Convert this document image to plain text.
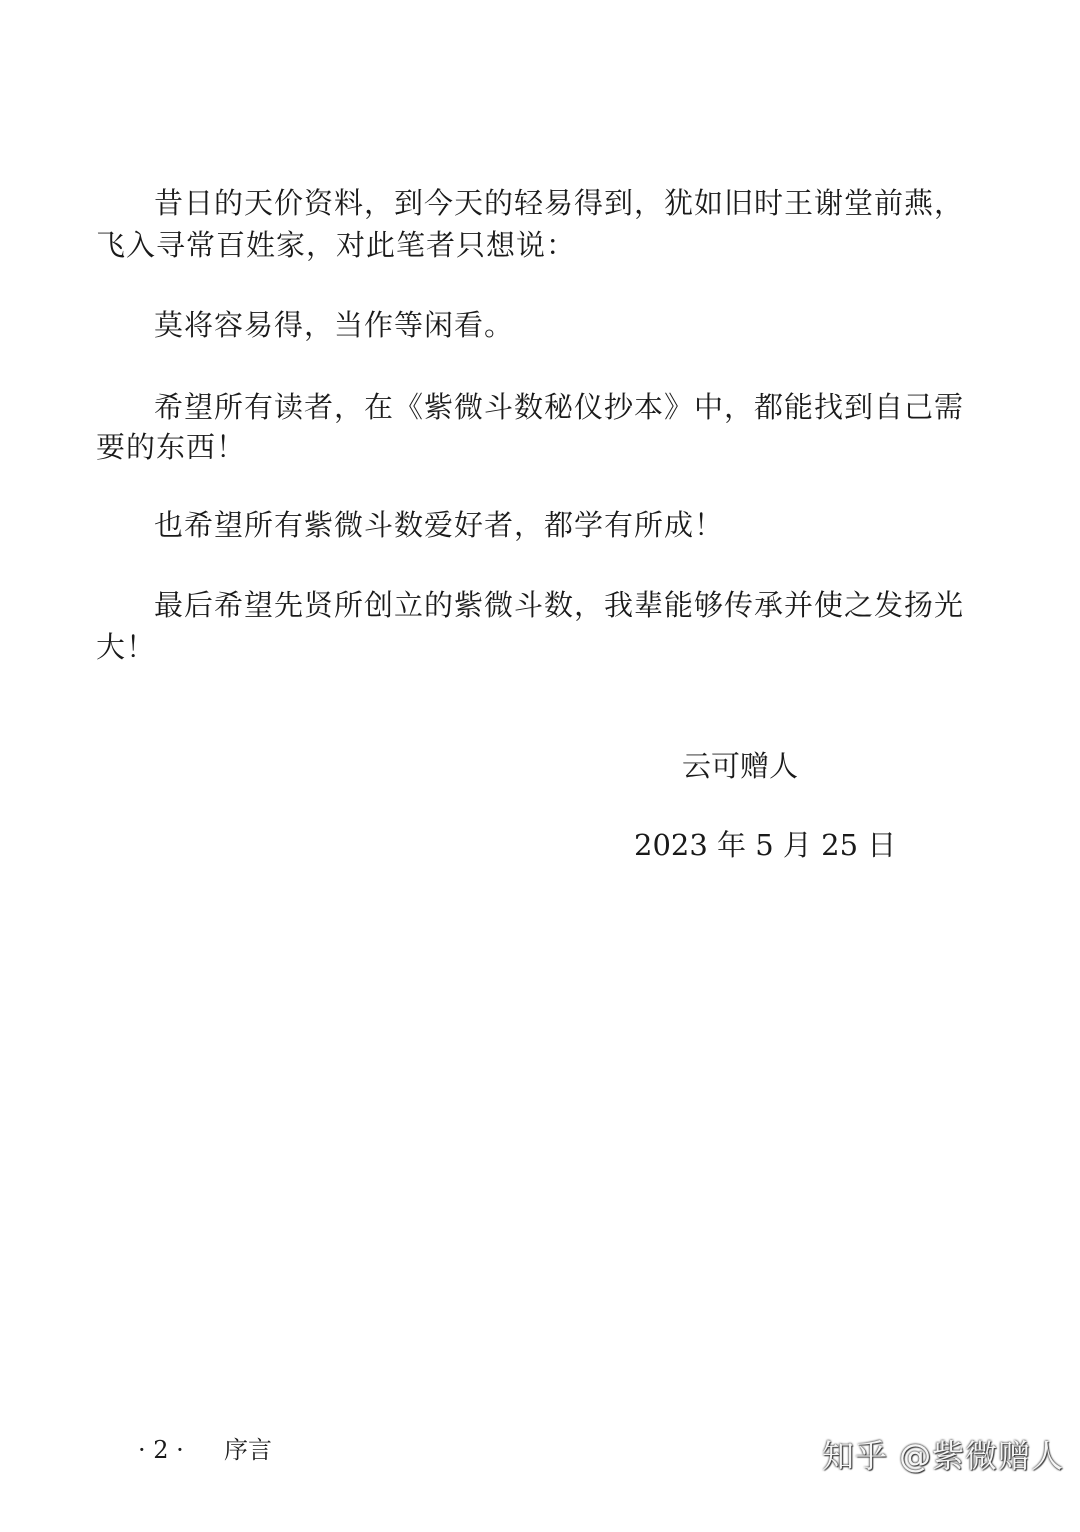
昔日的天价资料，到今天的轻易得到，犹如旧时王谢堂前燕，
飞入寻常百姓家，对此笔者只想说：
莫将容易得，当作等闲看。
希望所有读者，在《紫微斗数秘仪抄本》中，都能找到自己需
要的东西！
也希望所有紫微斗数爱好者，都学有所成！
最后希望先贤所创立的紫微斗数，我辈能够传承并使之发扬光
大！
云可赠人
2023 年 5 月 25 日
· 2 · 序言	知乎 @紫微赠人
